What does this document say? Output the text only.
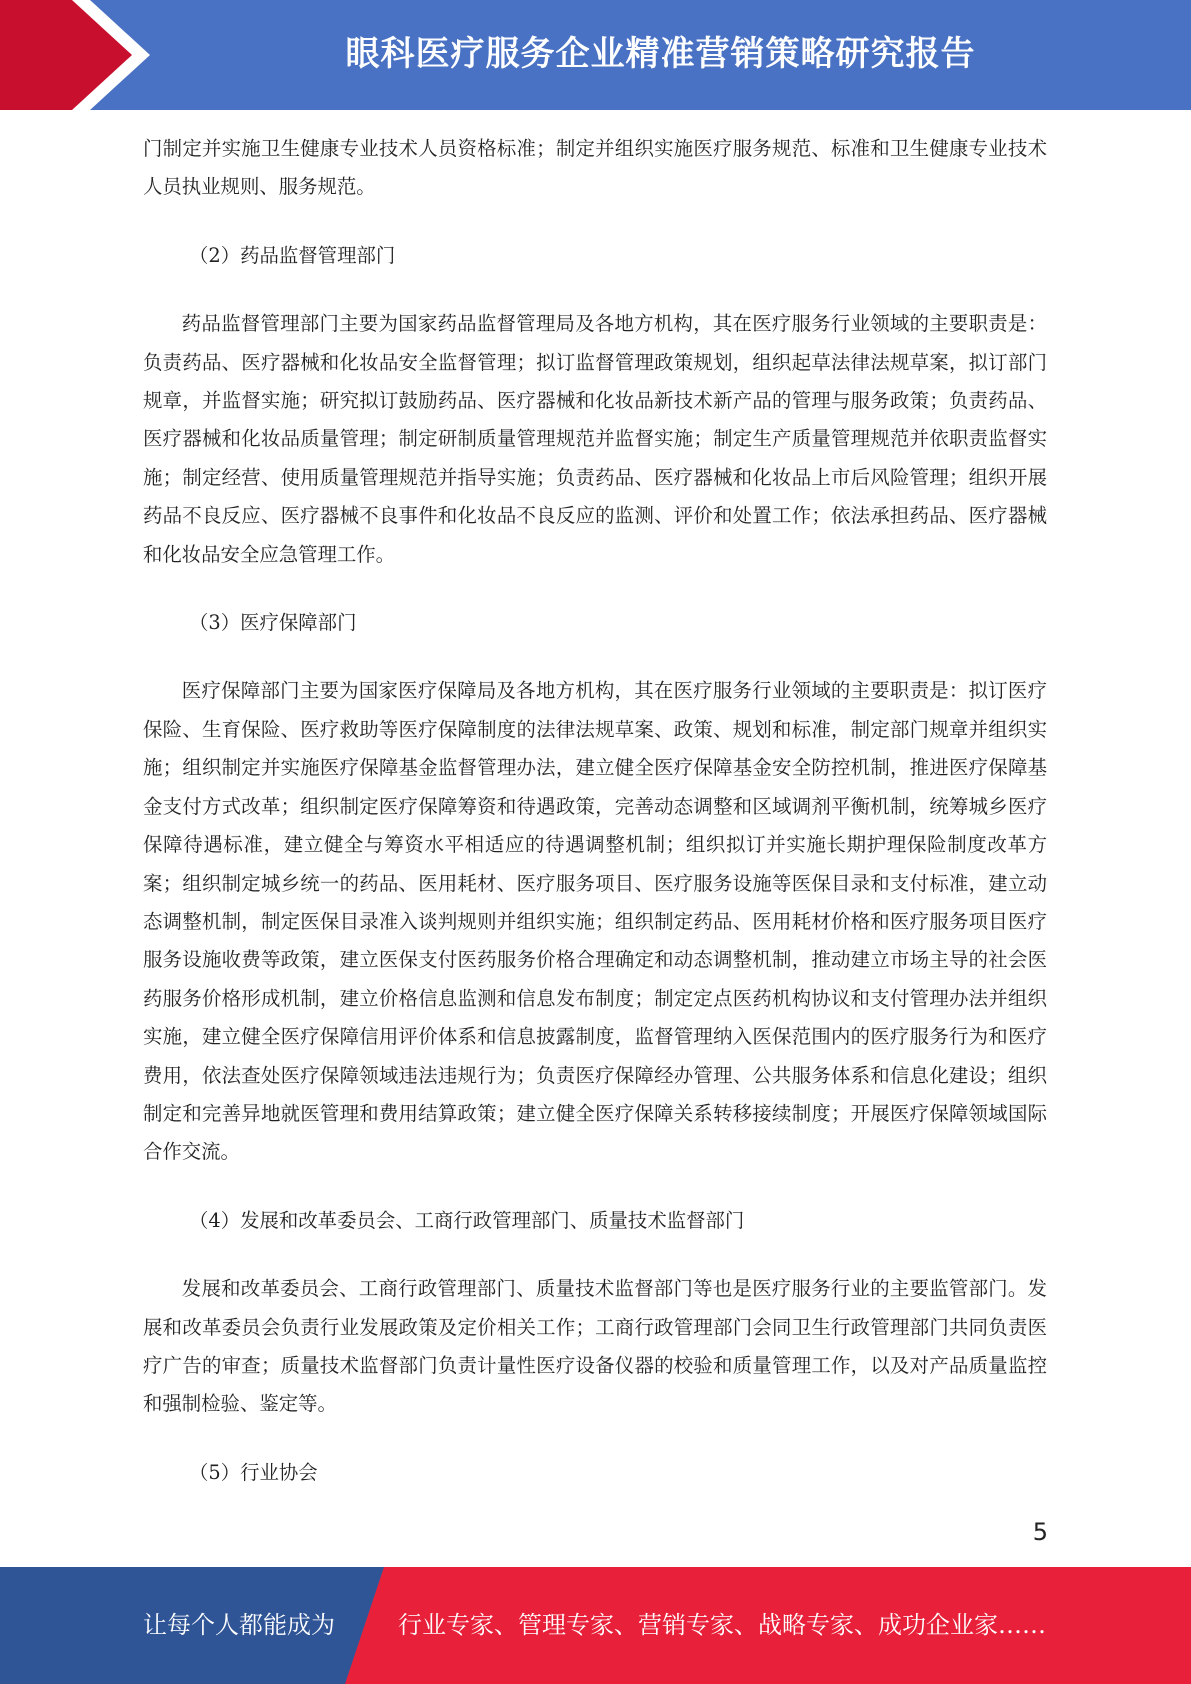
眼科医疗服务企业精准营销策略研究报告

门制定并实施卫生健康专业技术人员资格标准；制定并组织实施医疗服务规范、标准和卫生健康专业技术人员执业规则、服务规范。

（2）药品监督管理部门

药品监督管理部门主要为国家药品监督管理局及各地方机构，其在医疗服务行业领域的主要职责是：负责药品、医疗器械和化妆品安全监督管理；拟订监督管理政策规划，组织起草法律法规草案，拟订部门规章，并监督实施；研究拟订鼓励药品、医疗器械和化妆品新技术新产品的管理与服务政策；负责药品、医疗器械和化妆品质量管理；制定研制质量管理规范并监督实施；制定生产质量管理规范并依职责监督实施；制定经营、使用质量管理规范并指导实施；负责药品、医疗器械和化妆品上市后风险管理；组织开展药品不良反应、医疗器械不良事件和化妆品不良反应的监测、评价和处置工作；依法承担药品、医疗器械和化妆品安全应急管理工作。

（3）医疗保障部门

医疗保障部门主要为国家医疗保障局及各地方机构，其在医疗服务行业领域的主要职责是：拟订医疗保险、生育保险、医疗救助等医疗保障制度的法律法规草案、政策、规划和标准，制定部门规章并组织实施；组织制定并实施医疗保障基金监督管理办法，建立健全医疗保障基金安全防控机制，推进医疗保障基金支付方式改革；组织制定医疗保障筹资和待遇政策，完善动态调整和区域调剂平衡机制，统筹城乡医疗保障待遇标准，建立健全与筹资水平相适应的待遇调整机制；组织拟订并实施长期护理保险制度改革方案；组织制定城乡统一的药品、医用耗材、医疗服务项目、医疗服务设施等医保目录和支付标准，建立动态调整机制，制定医保目录准入谈判规则并组织实施；组织制定药品、医用耗材价格和医疗服务项目医疗服务设施收费等政策，建立医保支付医药服务价格合理确定和动态调整机制，推动建立市场主导的社会医药服务价格形成机制，建立价格信息监测和信息发布制度；制定定点医药机构协议和支付管理办法并组织实施，建立健全医疗保障信用评价体系和信息披露制度，监督管理纳入医保范围内的医疗服务行为和医疗费用，依法查处医疗保障领域违法违规行为；负责医疗保障经办管理、公共服务体系和信息化建设；组织制定和完善异地就医管理和费用结算政策；建立健全医疗保障关系转移接续制度；开展医疗保障领域国际合作交流。

（4）发展和改革委员会、工商行政管理部门、质量技术监督部门

发展和改革委员会、工商行政管理部门、质量技术监督部门等也是医疗服务行业的主要监管部门。发展和改革委员会负责行业发展政策及定价相关工作；工商行政管理部门会同卫生行政管理部门共同负责医疗广告的审查；质量技术监督部门负责计量性医疗设备仪器的校验和质量管理工作，以及对产品质量监控和强制检验、鉴定等。

（5）行业协会

5
让每个人都能成为	行业专家、管理专家、营销专家、战略专家、成功企业家……
